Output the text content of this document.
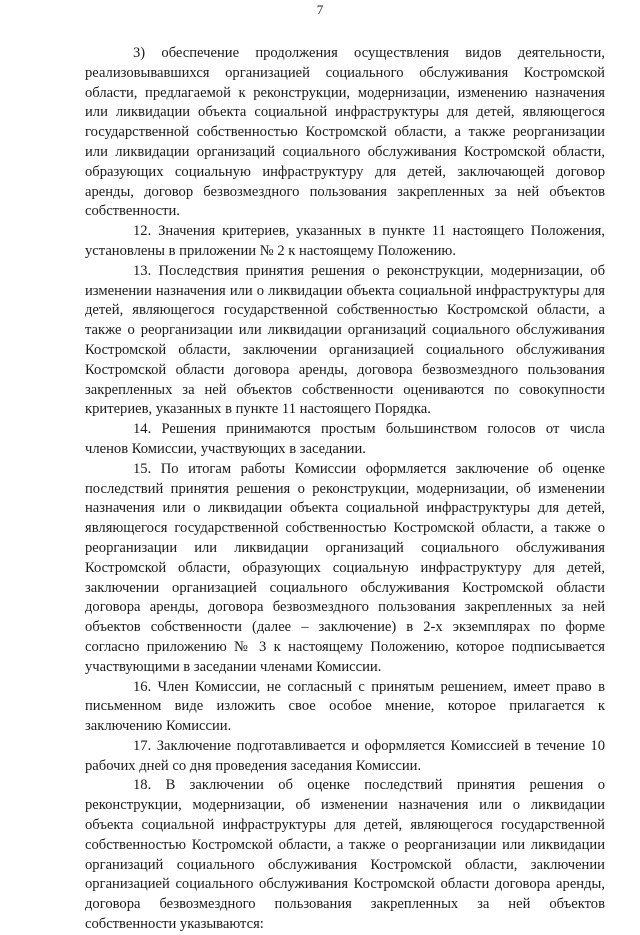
7

3) обеспечение продолжения осуществления видов деятельности, реализовывавшихся организацией социального обслуживания Костромской области, предлагаемой к реконструкции, модернизации, изменению назначения или ликвидации объекта социальной инфраструктуры для детей, являющегося государственной собственностью Костромской области, а также реорганизации или ликвидации организаций социального обслуживания Костромской области, образующих социальную инфраструктуру для детей, заключающей договор аренды, договор безвозмездного пользования закрепленных за ней объектов собственности.

12. Значения критериев, указанных в пункте 11 настоящего Положения, установлены в приложении № 2 к настоящему Положению.

13. Последствия принятия решения о реконструкции, модернизации, об изменении назначения или о ликвидации объекта социальной инфраструктуры для детей, являющегося государственной собственностью Костромской области, а также о реорганизации или ликвидации организаций социального обслуживания Костромской области, заключении организацией социального обслуживания Костромской области договора аренды, договора безвозмездного пользования закрепленных за ней объектов собственности оцениваются по совокупности критериев, указанных в пункте 11 настоящего Порядка.

14. Решения принимаются простым большинством голосов от числа членов Комиссии, участвующих в заседании.

15. По итогам работы Комиссии оформляется заключение об оценке последствий принятия решения о реконструкции, модернизации, об изменении назначения или о ликвидации объекта социальной инфраструктуры для детей, являющегося государственной собственностью Костромской области, а также о реорганизации или ликвидации организаций социального обслуживания Костромской области, образующих социальную инфраструктуру для детей, заключении организацией социального обслуживания Костромской области договора аренды, договора безвозмездного пользования закрепленных за ней объектов собственности (далее – заключение) в 2-х экземплярах по форме согласно приложению № 3 к настоящему Положению, которое подписывается участвующими в заседании членами Комиссии.

16. Член Комиссии, не согласный с принятым решением, имеет право в письменном виде изложить свое особое мнение, которое прилагается к заключению Комиссии.

17. Заключение подготавливается и оформляется Комиссией в течение 10 рабочих дней со дня проведения заседания Комиссии.

18. В заключении об оценке последствий принятия решения о реконструкции, модернизации, об изменении назначения или о ликвидации объекта социальной инфраструктуры для детей, являющегося государственной собственностью Костромской области, а также о реорганизации или ликвидации организаций социального обслуживания Костромской области, заключении организацией социального обслуживания Костромской области договора аренды, договора безвозмездного пользования закрепленных за ней объектов собственности указываются:
